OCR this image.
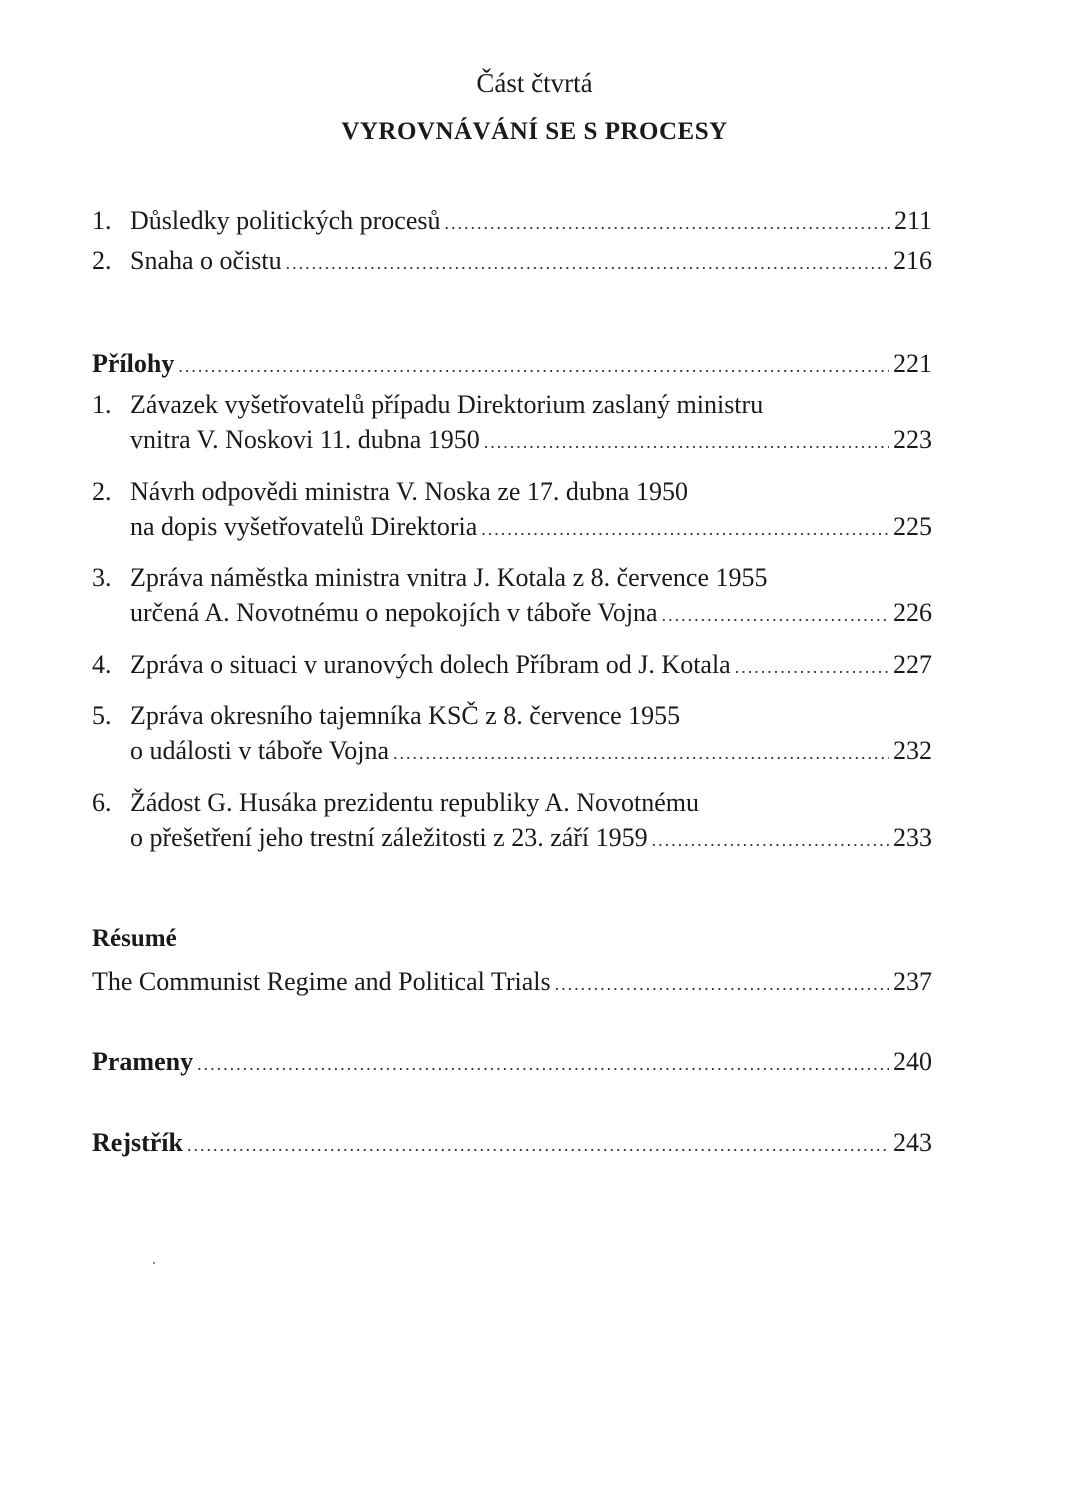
Část čtvrtá
VYROVNÁVÁNÍ SE S PROCESY
1. Důsledky politických procesů .....	211
2. Snaha o očistu .....	216
Přílohy .....	221
1. Závazek vyšetřovatelů případu Direktorium zaslaný ministru
vnitra V. Noskovi 11. dubna 1950 .....	223
2. Návrh odpovědi ministra V. Noska ze 17. dubna 1950
na dopis vyšetřovatelů Direktoria .....	225
3. Zpráva náměstka ministra vnitra J. Kotala z 8. července 1955
určená A. Novotnému o nepokojích v táboře Vojna .....	226
4. Zpráva o situaci v uranových dolech Příbram od J. Kotala .....	227
5. Zpráva okresního tajemníka KSČ z 8. července 1955
o události v táboře Vojna .....	232
6. Žádost G. Husáka prezidentu republiky A. Novotnému
o přešetření jeho trestní záležitosti z 23. září 1959 .....	233
Résumé
The Communist Regime and Political Trials .....	237
Prameny .....	240
Rejstřík .....	243
